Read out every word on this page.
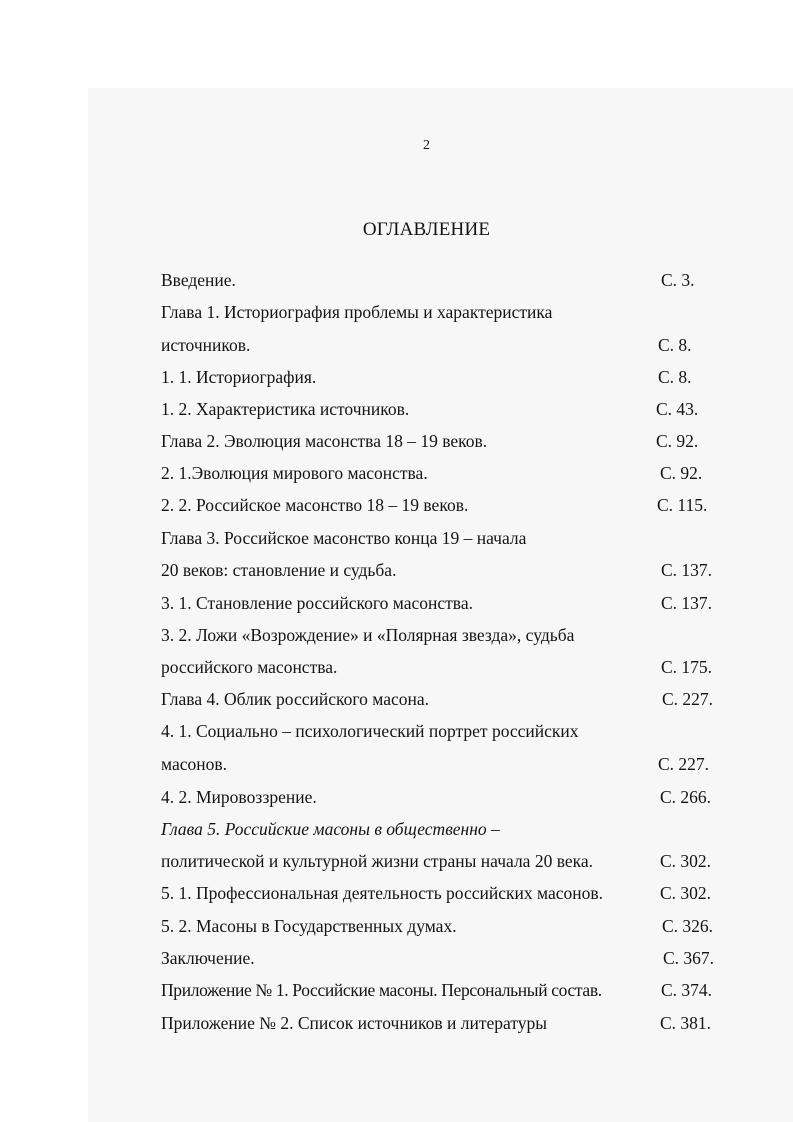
2
ОГЛАВЛЕНИЕ
Введение.	С. 3.
Глава 1. Историография проблемы и характеристика
источников.	С. 8.
1. 1. Историография.	С. 8.
1. 2. Характеристика источников.	С. 43.
Глава 2. Эволюция масонства 18 – 19 веков.	С. 92.
2. 1.Эволюция мирового масонства.	С. 92.
2. 2. Российское масонство 18 – 19 веков.	С. 115.
Глава 3. Российское масонство конца 19 – начала
20 веков: становление и судьба.	С. 137.
3. 1. Становление российского масонства.	С. 137.
3. 2. Ложи «Возрождение» и «Полярная звезда», судьба
российского масонства.	С. 175.
Глава 4. Облик российского масона.	С. 227.
4. 1. Социально – психологический портрет российских
масонов.	С. 227.
4. 2. Мировоззрение.	С. 266.
Глава 5. Российские масоны в общественно –
политической и культурной жизни страны начала 20 века.	С. 302.
5. 1. Профессиональная деятельность российских масонов.	С. 302.
5. 2. Масоны в Государственных думах.	С. 326.
Заключение.	С. 367.
Приложение № 1. Российские масоны. Персональный состав.	С. 374.
Приложение № 2. Список источников и литературы	С. 381.
